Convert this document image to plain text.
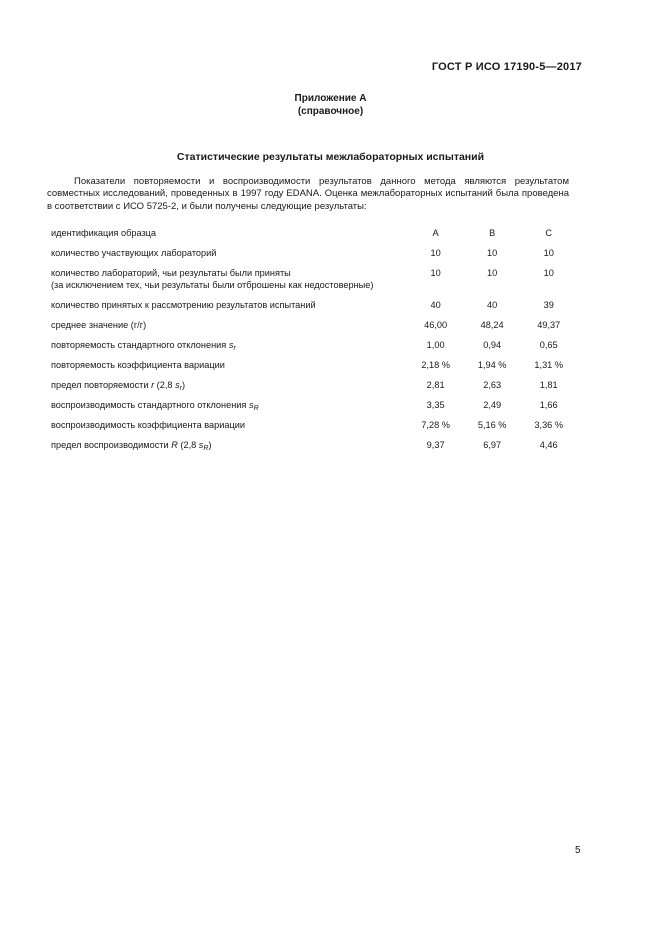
ГОСТ Р ИСО 17190-5—2017
Приложение А
(справочное)
Статистические результаты межлабораторных испытаний

Показатели повторяемости и воспроизводимости результатов данного метода являются результатом совместных исследований, проведенных в 1997 году EDANA. Оценка межлабораторных испытаний была проведена в соответствии с ИСО 5725-2, и были получены следующие результаты:

идентификация образца	А	В	С
количество участвующих лабораторий	10	10	10

количество лабораторий, чьи результаты были приняты
(за исключением тех, чьи результаты были отброшены как недостоверные)	10	10	10
количество принятых к рассмотрению результатов испытаний	40	40	39
среднее значение (г/г)	46,00	48,24	49,37
повторяемость стандартного отклонения $s_r$	1,00	0,94	0,65
повторяемость коэффициента вариации	2,18 %	1,94 %	1,31 %
предел повторяемости r (2,8 $s_r$)	2,81	2,63	1,81
воспроизводимость стандартного отклонения $s_R$	3,35	2,49	1,66
воспроизводимость коэффициента вариации	7,28 %	5,16 %	3,36 %
предел воспроизводимости R (2,8 $s_R$)	9,37	6,97	4,46
5
